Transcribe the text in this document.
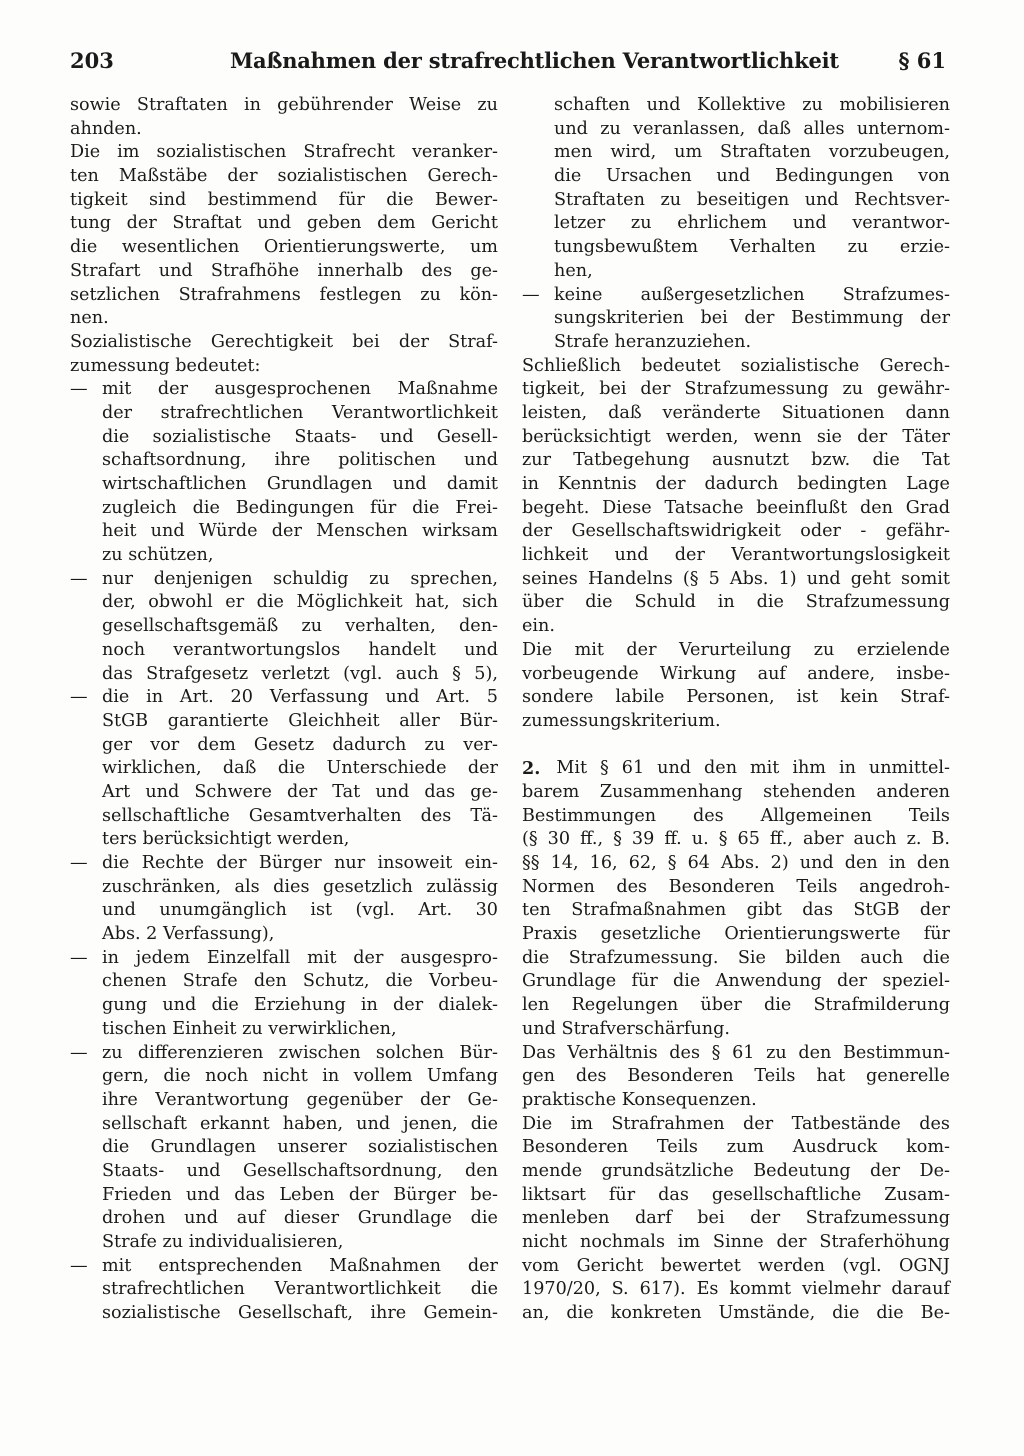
203	Maßnahmen der strafrechtlichen Verantwortlichkeit	§ 61
sowie Straftaten in gebührender Weise zu
ahnden.
Die im sozialistischen Strafrecht veranker-
ten Maßstäbe der sozialistischen Gerech-
tigkeit sind bestimmend für die Bewer-
tung der Straftat und geben dem Gericht
die wesentlichen Orientierungswerte, um
Strafart und Strafhöhe innerhalb des ge-
setzlichen Strafrahmens festlegen zu kön-
nen.
Sozialistische Gerechtigkeit bei der Straf-
zumessung bedeutet:
— mit der ausgesprochenen Maßnahme
der strafrechtlichen Verantwortlichkeit
die sozialistische Staats- und Gesell-
schaftsordnung, ihre politischen und
wirtschaftlichen Grundlagen und damit
zugleich die Bedingungen für die Frei-
heit und Würde der Menschen wirksam
zu schützen,
— nur denjenigen schuldig zu sprechen,
der, obwohl er die Möglichkeit hat, sich
gesellschaftsgemäß zu verhalten, den-
noch verantwortungslos handelt und
das Strafgesetz verletzt (vgl. auch § 5),
— die in Art. 20 Verfassung und Art. 5
StGB garantierte Gleichheit aller Bür-
ger vor dem Gesetz dadurch zu ver-
wirklichen, daß die Unterschiede der
Art und Schwere der Tat und das ge-
sellschaftliche Gesamtverhalten des Tä-
ters berücksichtigt werden,
— die Rechte der Bürger nur insoweit ein-
zuschränken, als dies gesetzlich zulässig
und unumgänglich ist (vgl. Art. 30
Abs. 2 Verfassung),
— in jedem Einzelfall mit der ausgespro-
chenen Strafe den Schutz, die Vorbeu-
gung und die Erziehung in der dialek-
tischen Einheit zu verwirklichen,
— zu differenzieren zwischen solchen Bür-
gern, die noch nicht in vollem Umfang
ihre Verantwortung gegenüber der Ge-
sellschaft erkannt haben, und jenen, die
die Grundlagen unserer sozialistischen
Staats- und Gesellschaftsordnung, den
Frieden und das Leben der Bürger be-
drohen und auf dieser Grundlage die
Strafe zu individualisieren,
— mit entsprechenden Maßnahmen der
strafrechtlichen Verantwortlichkeit die
sozialistische Gesellschaft, ihre Gemein-
schaften und Kollektive zu mobilisieren
und zu veranlassen, daß alles unternom-
men wird, um Straftaten vorzubeugen,
die Ursachen und Bedingungen von
Straftaten zu beseitigen und Rechtsver-
letzer zu ehrlichem und verantwor-
tungsbewußtem Verhalten zu erzie-
hen,
— keine außergesetzlichen Strafzumes-
sungskriterien bei der Bestimmung der
Strafe heranzuziehen.
Schließlich bedeutet sozialistische Gerech-
tigkeit, bei der Strafzumessung zu gewähr-
leisten, daß veränderte Situationen dann
berücksichtigt werden, wenn sie der Täter
zur Tatbegehung ausnutzt bzw. die Tat
in Kenntnis der dadurch bedingten Lage
begeht. Diese Tatsache beeinflußt den Grad
der Gesellschaftswidrigkeit oder - gefähr-
lichkeit und der Verantwortungslosigkeit
seines Handelns (§ 5 Abs. 1) und geht somit
über die Schuld in die Strafzumessung
ein.
Die mit der Verurteilung zu erzielende
vorbeugende Wirkung auf andere, insbe-
sondere labile Personen, ist kein Straf-
zumessungskriterium.
2. Mit § 61 und den mit ihm in unmittel-
barem Zusammenhang stehenden anderen
Bestimmungen des Allgemeinen Teils
(§ 30 ff., § 39 ff. u. § 65 ff., aber auch z. B.
§§ 14, 16, 62, § 64 Abs. 2) und den in den
Normen des Besonderen Teils angedroh-
ten Strafmaßnahmen gibt das StGB der
Praxis gesetzliche Orientierungswerte für
die Strafzumessung. Sie bilden auch die
Grundlage für die Anwendung der speziel-
len Regelungen über die Strafmilderung
und Strafverschärfung.
Das Verhältnis des § 61 zu den Bestimmun-
gen des Besonderen Teils hat generelle
praktische Konsequenzen.
Die im Strafrahmen der Tatbestände des
Besonderen Teils zum Ausdruck kom-
mende grundsätzliche Bedeutung der De-
liktsart für das gesellschaftliche Zusam-
menleben darf bei der Strafzumessung
nicht nochmals im Sinne der Straferhöhung
vom Gericht bewertet werden (vgl. OGNJ
1970/20, S. 617). Es kommt vielmehr darauf
an, die konkreten Umstände, die die Be-
